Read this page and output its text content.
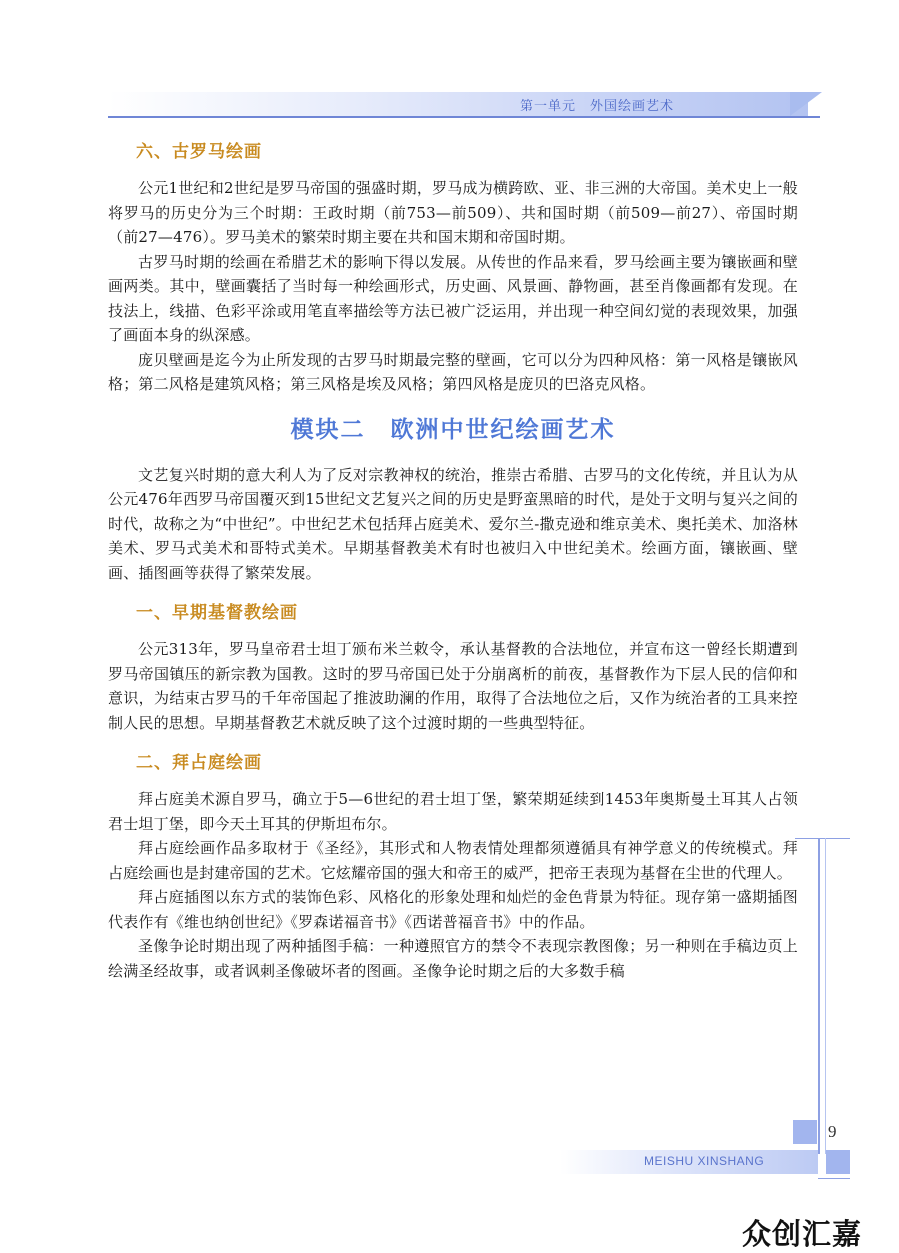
第一单元　外国绘画艺术
六、古罗马绘画

公元1世纪和2世纪是罗马帝国的强盛时期，罗马成为横跨欧、亚、非三洲的大帝国。美术史上一般将罗马的历史分为三个时期：王政时期（前753—前509）、共和国时期（前509—前27）、帝国时期（前27—476）。罗马美术的繁荣时期主要在共和国末期和帝国时期。

古罗马时期的绘画在希腊艺术的影响下得以发展。从传世的作品来看，罗马绘画主要为镶嵌画和壁画两类。其中，壁画囊括了当时每一种绘画形式，历史画、风景画、静物画，甚至肖像画都有发现。在技法上，线描、色彩平涂或用笔直率描绘等方法已被广泛运用，并出现一种空间幻觉的表现效果，加强了画面本身的纵深感。

庞贝壁画是迄今为止所发现的古罗马时期最完整的壁画，它可以分为四种风格：第一风格是镶嵌风格；第二风格是建筑风格；第三风格是埃及风格；第四风格是庞贝的巴洛克风格。

模块二　欧洲中世纪绘画艺术

文艺复兴时期的意大利人为了反对宗教神权的统治，推崇古希腊、古罗马的文化传统，并且认为从公元476年西罗马帝国覆灭到15世纪文艺复兴之间的历史是野蛮黑暗的时代，是处于文明与复兴之间的时代，故称之为“中世纪”。中世纪艺术包括拜占庭美术、爱尔兰-撒克逊和维京美术、奥托美术、加洛林美术、罗马式美术和哥特式美术。早期基督教美术有时也被归入中世纪美术。绘画方面，镶嵌画、壁画、插图画等获得了繁荣发展。

一、早期基督教绘画

公元313年，罗马皇帝君士坦丁颁布米兰敕令，承认基督教的合法地位，并宣布这一曾经长期遭到罗马帝国镇压的新宗教为国教。这时的罗马帝国已处于分崩离析的前夜，基督教作为下层人民的信仰和意识，为结束古罗马的千年帝国起了推波助澜的作用，取得了合法地位之后，又作为统治者的工具来控制人民的思想。早期基督教艺术就反映了这个过渡时期的一些典型特征。

二、拜占庭绘画

拜占庭美术源自罗马，确立于5—6世纪的君士坦丁堡，繁荣期延续到1453年奥斯曼土耳其人占领君士坦丁堡，即今天土耳其的伊斯坦布尔。

拜占庭绘画作品多取材于《圣经》，其形式和人物表情处理都须遵循具有神学意义的传统模式。拜占庭绘画也是封建帝国的艺术。它炫耀帝国的强大和帝王的威严，把帝王表现为基督在尘世的代理人。

拜占庭插图以东方式的装饰色彩、风格化的形象处理和灿烂的金色背景为特征。现存第一盛期插图代表作有《维也纳创世纪》《罗森诺福音书》《西诺普福音书》中的作品。

圣像争论时期出现了两种插图手稿：一种遵照官方的禁令不表现宗教图像；另一种则在手稿边页上绘满圣经故事，或者讽刺圣像破坏者的图画。圣像争论时期之后的大多数手稿

9
MEISHU XINSHANG
众创汇嘉
